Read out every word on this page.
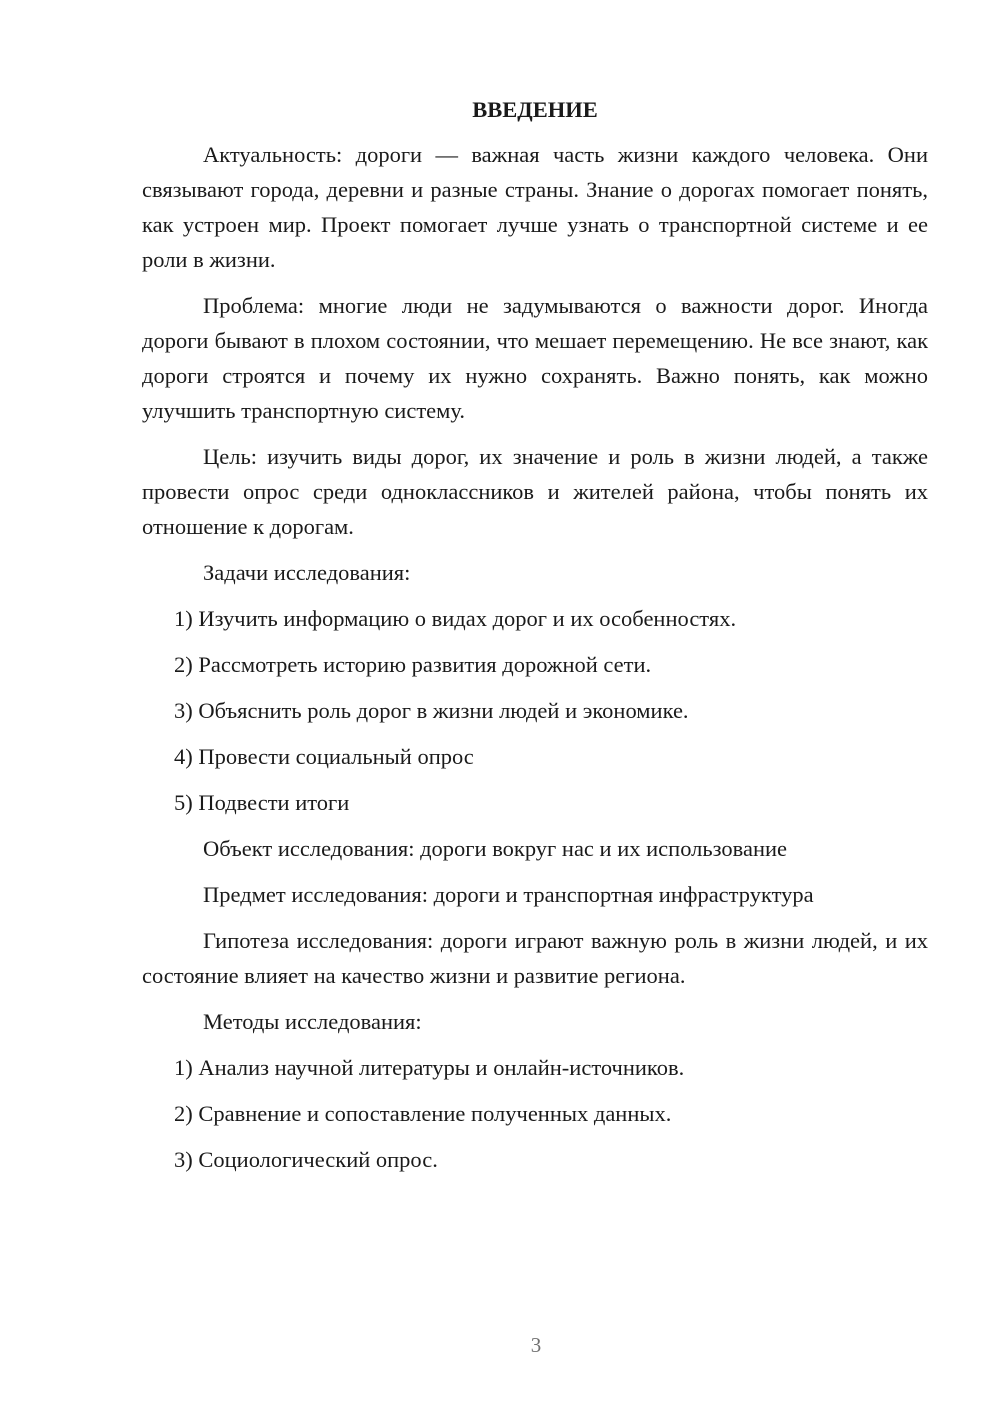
ВВЕДЕНИЕ

Актуальность: дороги — важная часть жизни каждого человека. Они связывают города, деревни и разные страны. Знание о дорогах помогает понять, как устроен мир. Проект помогает лучше узнать о транспортной системе и ее роли в жизни.

Проблема: многие люди не задумываются о важности дорог. Иногда дороги бывают в плохом состоянии, что мешает перемещению. Не все знают, как дороги строятся и почему их нужно сохранять. Важно понять, как можно улучшить транспортную систему.

Цель: изучить виды дорог, их значение и роль в жизни людей, а также провести опрос среди одноклассников и жителей района, чтобы понять их отношение к дорогам.

Задачи исследования:
1) Изучить информацию о видах дорог и их особенностях.
2) Рассмотреть историю развития дорожной сети.
3) Объяснить роль дорог в жизни людей и экономике.
4) Провести социальный опрос
5) Подвести итоги
Объект исследования: дороги вокруг нас и их использование
Предмет исследования: дороги и транспортная инфраструктура

Гипотеза исследования: дороги играют важную роль в жизни людей, и их состояние влияет на качество жизни и развитие региона.

Методы исследования:
1) Анализ научной литературы и онлайн-источников.
2) Сравнение и сопоставление полученных данных.
3) Социологический опрос.
3
